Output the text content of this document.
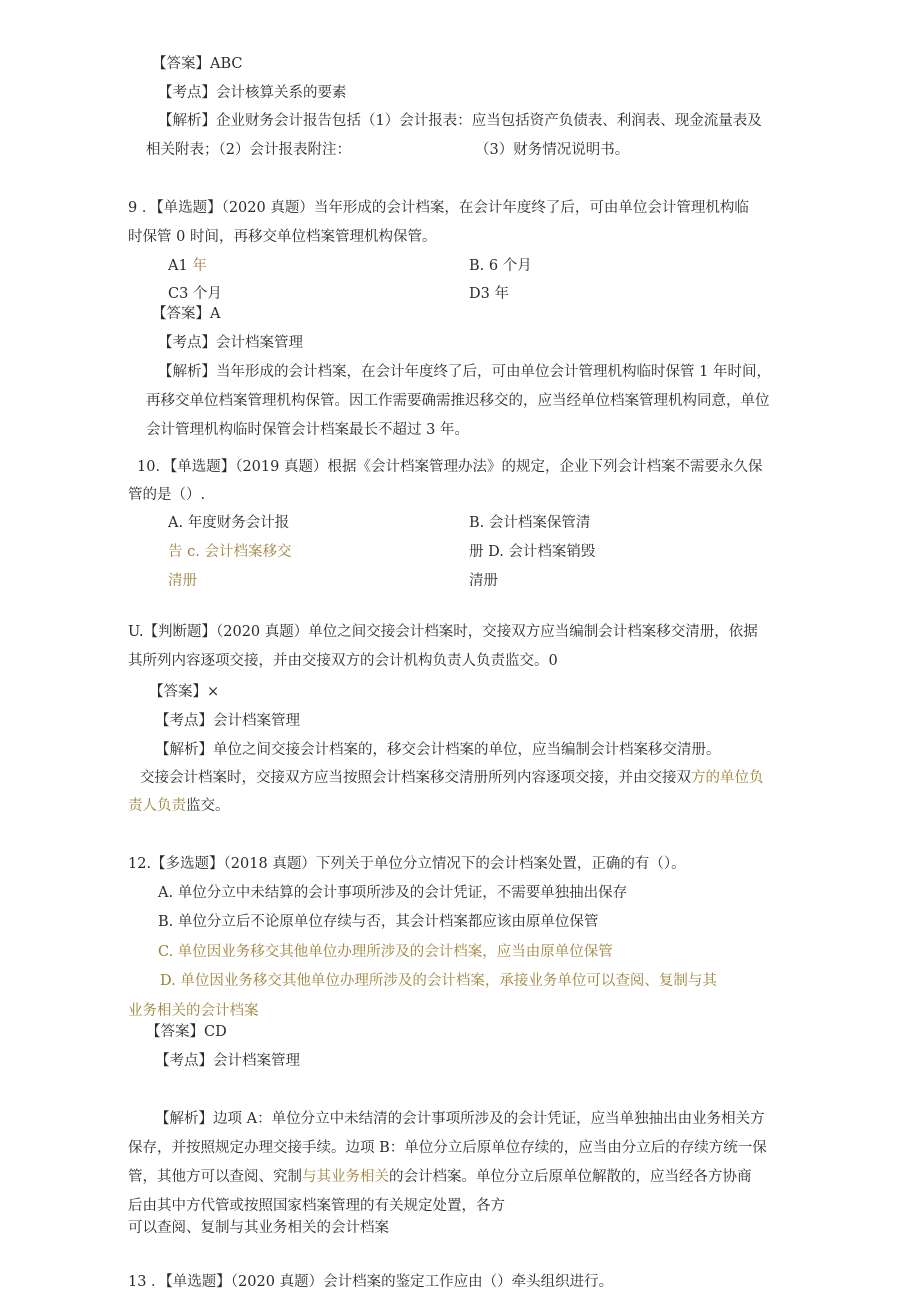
【答案】ABC
【考点】会计核算关系的要素
【解析】企业财务会计报告包括（1）会计报表：应当包括资产负债表、利润表、现金流量表及
相关附表；（2）会计报表附注：	（3）财务情况说明书。
9 ．【单选题】（2020 真题）当年形成的会计档案，在会计年度终了后，可由单位会计管理机构临
时保管 0 时间，再移交单位档案管理机构保管。
A1 年	B. 6 个月
C3 个月	D3 年
【答案】A
【考点】会计档案管理
【解析】当年形成的会计档案，在会计年度终了后，可由单位会计管理机构临时保管 1 年时间，
再移交单位档案管理机构保管。因工作需要确需推迟移交的，应当经单位档案管理机构同意，单位
会计管理机构临时保管会计档案最长不超过 3 年。
10．【单选题】（2019 真题）根据《会计档案管理办法》的规定，企业下列会计档案不需要永久保
管的是（）.
A. 年度财务会计报	B. 会计档案保管清
告 c. 会计档案移交	册 D. 会计档案销毁
清册	清册
U.【判断题】（2020 真题）单位之间交接会计档案时，交接双方应当编制会计档案移交清册，依据
其所列内容逐项交接，并由交接双方的会计机构负责人负责监交。0
【答案】×
【考点】会计档案管理
【解析】单位之间交接会计档案的，移交会计档案的单位，应当编制会计档案移交清册。
交接会计档案时，交接双方应当按照会计档案移交清册所列内容逐项交接，并由交接双方的单位负
责人负责监交。
12.【多选题】（2018 真题）下列关于单位分立情况下的会计档案处置，正确的有（）。
A. 单位分立中未结算的会计事项所涉及的会计凭证，不需要单独抽出保存
B. 单位分立后不论原单位存续与否，其会计档案都应该由原单位保管
C. 单位因业务移交其他单位办理所涉及的会计档案，应当由原单位保管
D. 单位因业务移交其他单位办理所涉及的会计档案，承接业务单位可以查阅、复制与其
业务相关的会计档案
【答案】CD
【考点】会计档案管理
【解析】边项 A：单位分立中未结清的会计事项所涉及的会计凭证，应当单独抽出由业务相关方
保存，并按照规定办理交接手续。边项 B：单位分立后原单位存续的，应当由分立后的存续方统一保
管，其他方可以查阅、究制与其业务相关的会计档案。单位分立后原单位解散的，应当经各方协商
后由其中方代管或按照国家档案管理的有关规定处置，各方
可以查阅、复制与其业务相关的会计档案
13 ．【单选题】（2020 真题）会计档案的鉴定工作应由（）牵头组织进行。
